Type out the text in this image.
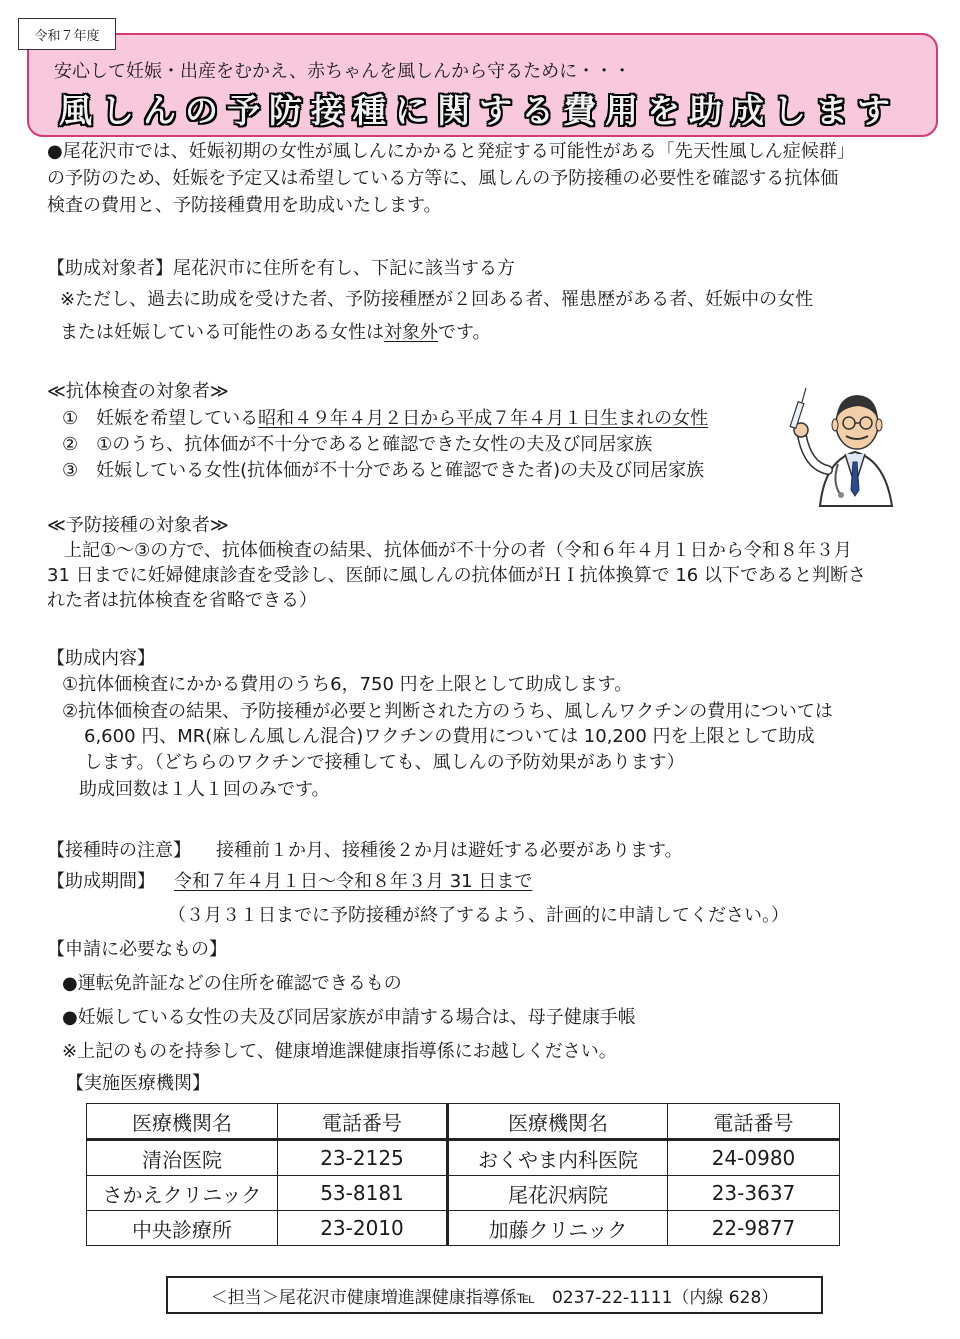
令和７年度
安心して妊娠・出産をむかえ、赤ちゃんを風しんから守るために・・・
風しんの予防接種に関する費用を助成します
●尾花沢市では、妊娠初期の女性が風しんにかかると発症する可能性がある「先天性風しん症候群」
の予防のため、妊娠を予定又は希望している方等に、風しんの予防接種の必要性を確認する抗体価
検査の費用と、予防接種費用を助成いたします。
【助成対象者】尾花沢市に住所を有し、下記に該当する方
※ただし、過去に助成を受けた者、予防接種歴が２回ある者、罹患歴がある者、妊娠中の女性
または妊娠している可能性のある女性は対象外です。
≪抗体検査の対象者≫
①　妊娠を希望している昭和４９年４月２日から平成７年４月１日生まれの女性
②　①のうち、抗体価が不十分であると確認できた女性の夫及び同居家族
③　妊娠している女性(抗体価が不十分であると確認できた者)の夫及び同居家族
≪予防接種の対象者≫
上記①～③の方で、抗体価検査の結果、抗体価が不十分の者（令和６年４月１日から令和８年３月
31 日までに妊婦健康診査を受診し、医師に風しんの抗体価がＨＩ抗体換算で 16 以下であると判断さ
れた者は抗体検査を省略できる）
【助成内容】
①抗体価検査にかかる費用のうち6，750 円を上限として助成します。
②抗体価検査の結果、予防接種が必要と判断された方のうち、風しんワクチンの費用については
6,600 円、MR(麻しん風しん混合)ワクチンの費用については 10,200 円を上限として助成
します。（どちらのワクチンで接種しても、風しんの予防効果があります）
助成回数は１人１回のみです。
【接種時の注意】 接種前１か月、接種後２か月は避妊する必要があります。
【助成期間】 令和７年４月１日～令和８年３月 31 日まで
（３月３１日までに予防接種が終了するよう、計画的に申請してください。）
【申請に必要なもの】
●運転免許証などの住所を確認できるもの
●妊娠している女性の夫及び同居家族が申請する場合は、母子健康手帳
※上記のものを持参して、健康増進課健康指導係にお越しください。
【実施医療機関】
医療機関名	電話番号	医療機関名	電話番号
清治医院	23-2125	おくやま内科医院	24-0980
さかえクリニック	53-8181	尾花沢病院	23-3637
中央診療所	23-2010	加藤クリニック	22-9877
＜担当＞尾花沢市健康増進課健康指導係℡　0237-22-1111（内線 628）
